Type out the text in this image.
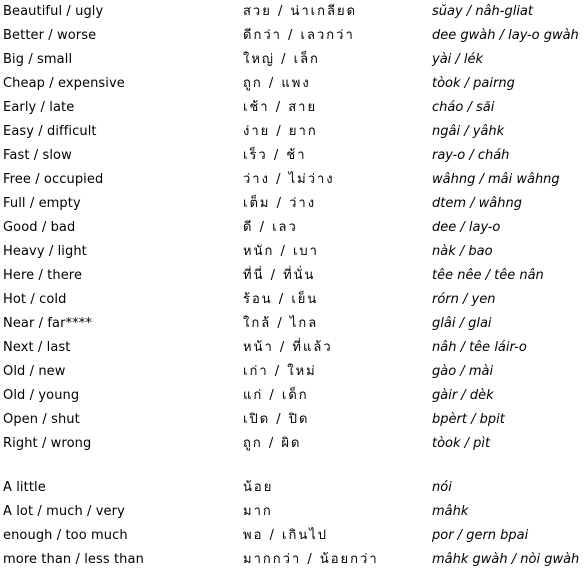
Beautiful / ugly	สวย / น่าเกลียด	sŭay / nâh-gliat
Better / worse	ดีกว่า / เลวกว่า	dee gwàh / lay-o gwàh
Big / small	ใหญ่ / เล็ก	yài / lék
Cheap / expensive	ถูก / แพง	tòok / pairng
Early / late	เช้า / สาย	cháo / săi
Easy / difficult	ง่าย / ยาก	ngâi / yâhk
Fast / slow	เร็ว / ช้า	ray-o / cháh
Free / occupied	ว่าง / ไม่ว่าง	wâhng / mâi wâhng
Full / empty	เต็ม / ว่าง	dtem / wâhng
Good / bad	ดี / เลว	dee / lay-o
Heavy / light	หนัก / เบา	nàk / bao
Here / there	ที่นี่ / ที่นั่น	têe nêe / têe nân
Hot / cold	ร้อน / เย็น	rórn / yen
Near / far****	ใกล้ / ไกล	glâi / glai
Next / last	หน้า / ที่แล้ว	nâh / têe láir-o
Old / new	เก่า / ใหม่	gào / mài
Old / young	แก่ / เด็ก	gàir / dèk
Open / shut	เปิด / ปิด	bpèrt / bpit
Right / wrong	ถูก / ผิด	tòok / pìt
A little	น้อย	nói
A lot / much / very	มาก	mâhk
enough / too much	พอ / เกินไป	por / gern bpai
more than / less than	มากกว่า / น้อยกว่า	mâhk gwàh / nòi gwàh
